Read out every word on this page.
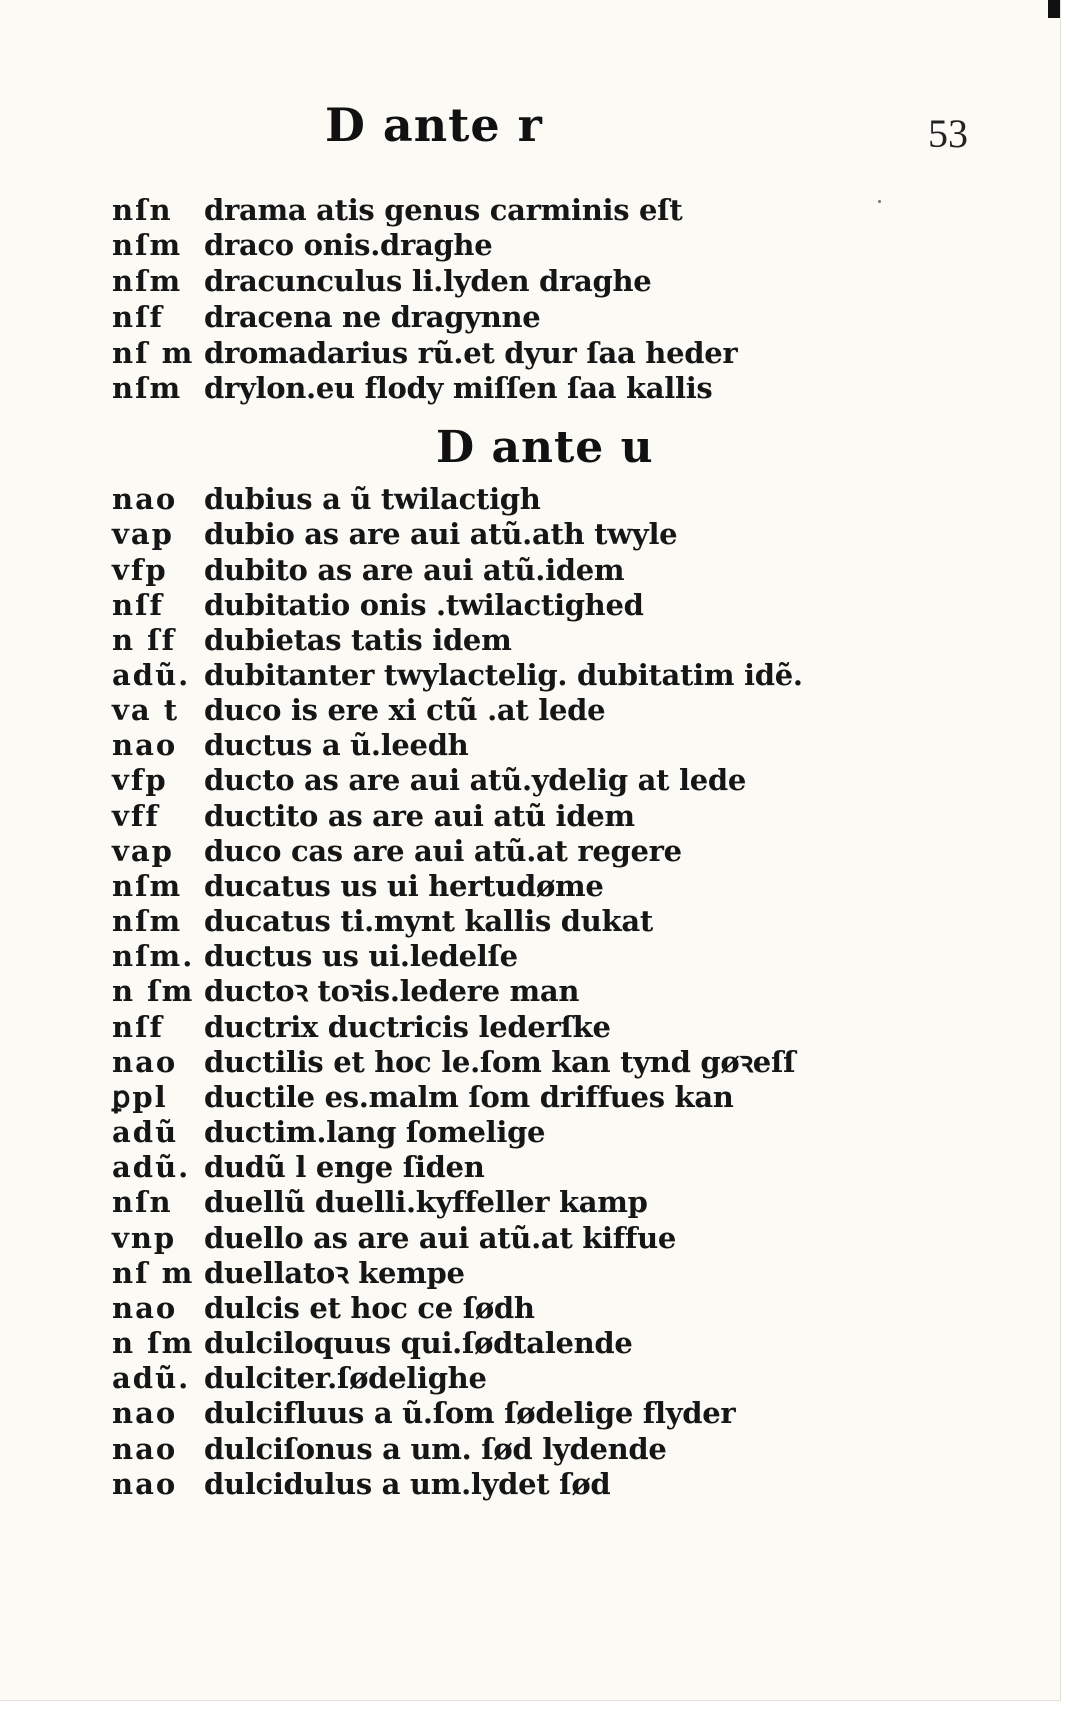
D ante r	53
D ante u
nſn drama atis genus carminis eſt
nſm draco onis.draghe
nſm dracunculus li.lyden draghe
nſf dracena ne dragynne
nſ m dromadarius rũ.et dyur ſaa heder
nſm drylon.eu flody miſſen ſaa kallis
nao dubius a ũ twilactigh
vap dubio as are aui atũ.ath twyle
vfp dubito as are aui atũ.idem
nſf dubitatio onis .twilactighed
n ſf dubietas tatis idem
adũ. dubitanter twylactelig. dubitatim idẽ.
va t duco is ere xi ctũ .at lede
nao ductus a ũ.leedh
vfp ducto as are aui atũ.ydelig at lede
vff ductito as are aui atũ idem
vap duco cas are aui atũ.at regere
nſm ducatus us ui hertudøme
nſm ducatus ti.mynt kallis dukat
nſm. ductus us ui.ledelſe
n ſm ductoꝛ toꝛis.ledere man
nſf ductrix ductricis lederſke
nao ductilis et hoc le.ſom kan tynd gøꝛeſſ
ꝑpl ductile es.malm ſom driffues kan
adũ ductim.lang ſomelige
adũ. dudũ l enge ſiden
nſn duellũ duelli.kyffeller kamp
vnp duello as are aui atũ.at kiffue
nſ m duellatoꝛ kempe
nao dulcis et hoc ce ſødh
n ſm dulciloquus qui.ſødtalende
adũ. dulciter.ſødelighe
nao dulcifluus a ũ.ſom ſødelige flyder
nao dulciſonus a um. ſød lydende
nao dulcidulus a um.lydet ſød
